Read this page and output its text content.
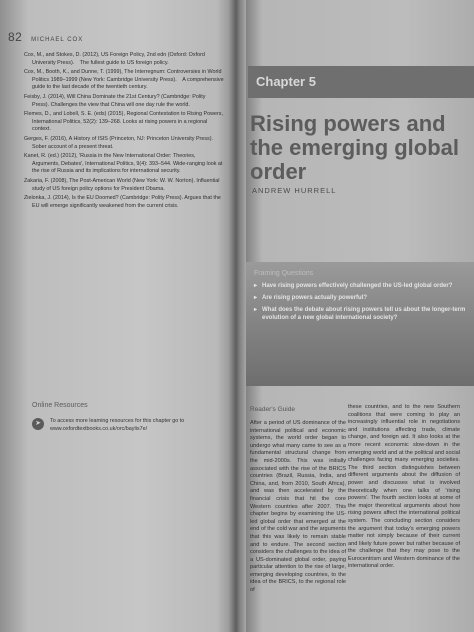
82 MICHAEL COX
Cox, M., and Stokes, D. (2012), US Foreign Policy, 2nd edn (Oxford: Oxford University Press). The fullest guide to US foreign policy.
Cox, M., Booth, K., and Dunne, T. (1999), The Interregnum: Controversies in World Politics 1989–1999 (New York: Cambridge University Press). A comprehensive guide to the last decade of the twentieth century.
Feisby, J. (2014), Will China Dominate the 21st Century? (Cambridge: Polity Press). Challenges the view that China will one day rule the world.
Flemes, D., and Lobell, S. E. (eds) (2015), Regional Contestation to Rising Powers, International Politics, 52(2): 139–268. Looks at rising powers in a regional context.
Gerges, F. (2016), A History of ISIS (Princeton, NJ: Princeton University Press). Sober account of a present threat.
Kanet, R. (ed.) (2012), 'Russia in the New International Order: Theories, Arguments, Debates', International Politics, 9(4): 393–544. Wide-ranging look at the rise of Russia and its implications for international security.
Zakaria, F. (2008), The Post-American World (New York: W. W. Norton). Influential study of US foreign policy options for President Obama.
Zielonka, J. (2014), Is the EU Doomed? (Cambridge: Polity Press). Argues that the EU will emerge significantly weakened from the current crisis.
Online Resources
➤	To access more learning resources for this chapter go to www.oxfordtextbooks.co.uk/orc/baylis7e/
Chapter 5
Rising powers and the emerging global order
ANDREW HURRELL
Framing Questions
▸ Have rising powers effectively challenged the US-led global order?
▸ Are rising powers actually powerful?
▸ What does the debate about rising powers tell us about the longer-term evolution of a new global international society?
Reader's Guide
After a period of US dominance of the international political and economic systems, the world order began to undergo what many came to see as a fundamental structural change from the mid-2000s. This was initially associated with the rise of the BRICS countries (Brazil, Russia, India, and China, and, from 2010, South Africa), and was then accelerated by the financial crisis that hit the core Western countries after 2007. This chapter begins by examining the US-led global order that emerged at the end of the cold war and the arguments that this was likely to remain stable and to endure. The second section considers the challenges to the idea of a US-dominated global order, paying particular attention to the rise of large, emerging developing countries, to the idea of the BRICS, to the regional role of
these countries, and to the new Southern coalitions that were coming to play an increasingly influential role in negotiations and institutions affecting trade, climate change, and foreign aid. It also looks at the more recent economic slow-down in the emerging world and at the political and social challenges facing many emerging societies. The third section distinguishes between different arguments about the diffusion of power and discusses what is involved theoretically when one talks of 'rising powers'. The fourth section looks at some of the major theoretical arguments about how rising powers affect the international political system. The concluding section considers the argument that today's emerging powers matter not simply because of their current and likely future power but rather because of the challenge that they may pose to the Eurocentrism and Western dominance of the international order.
